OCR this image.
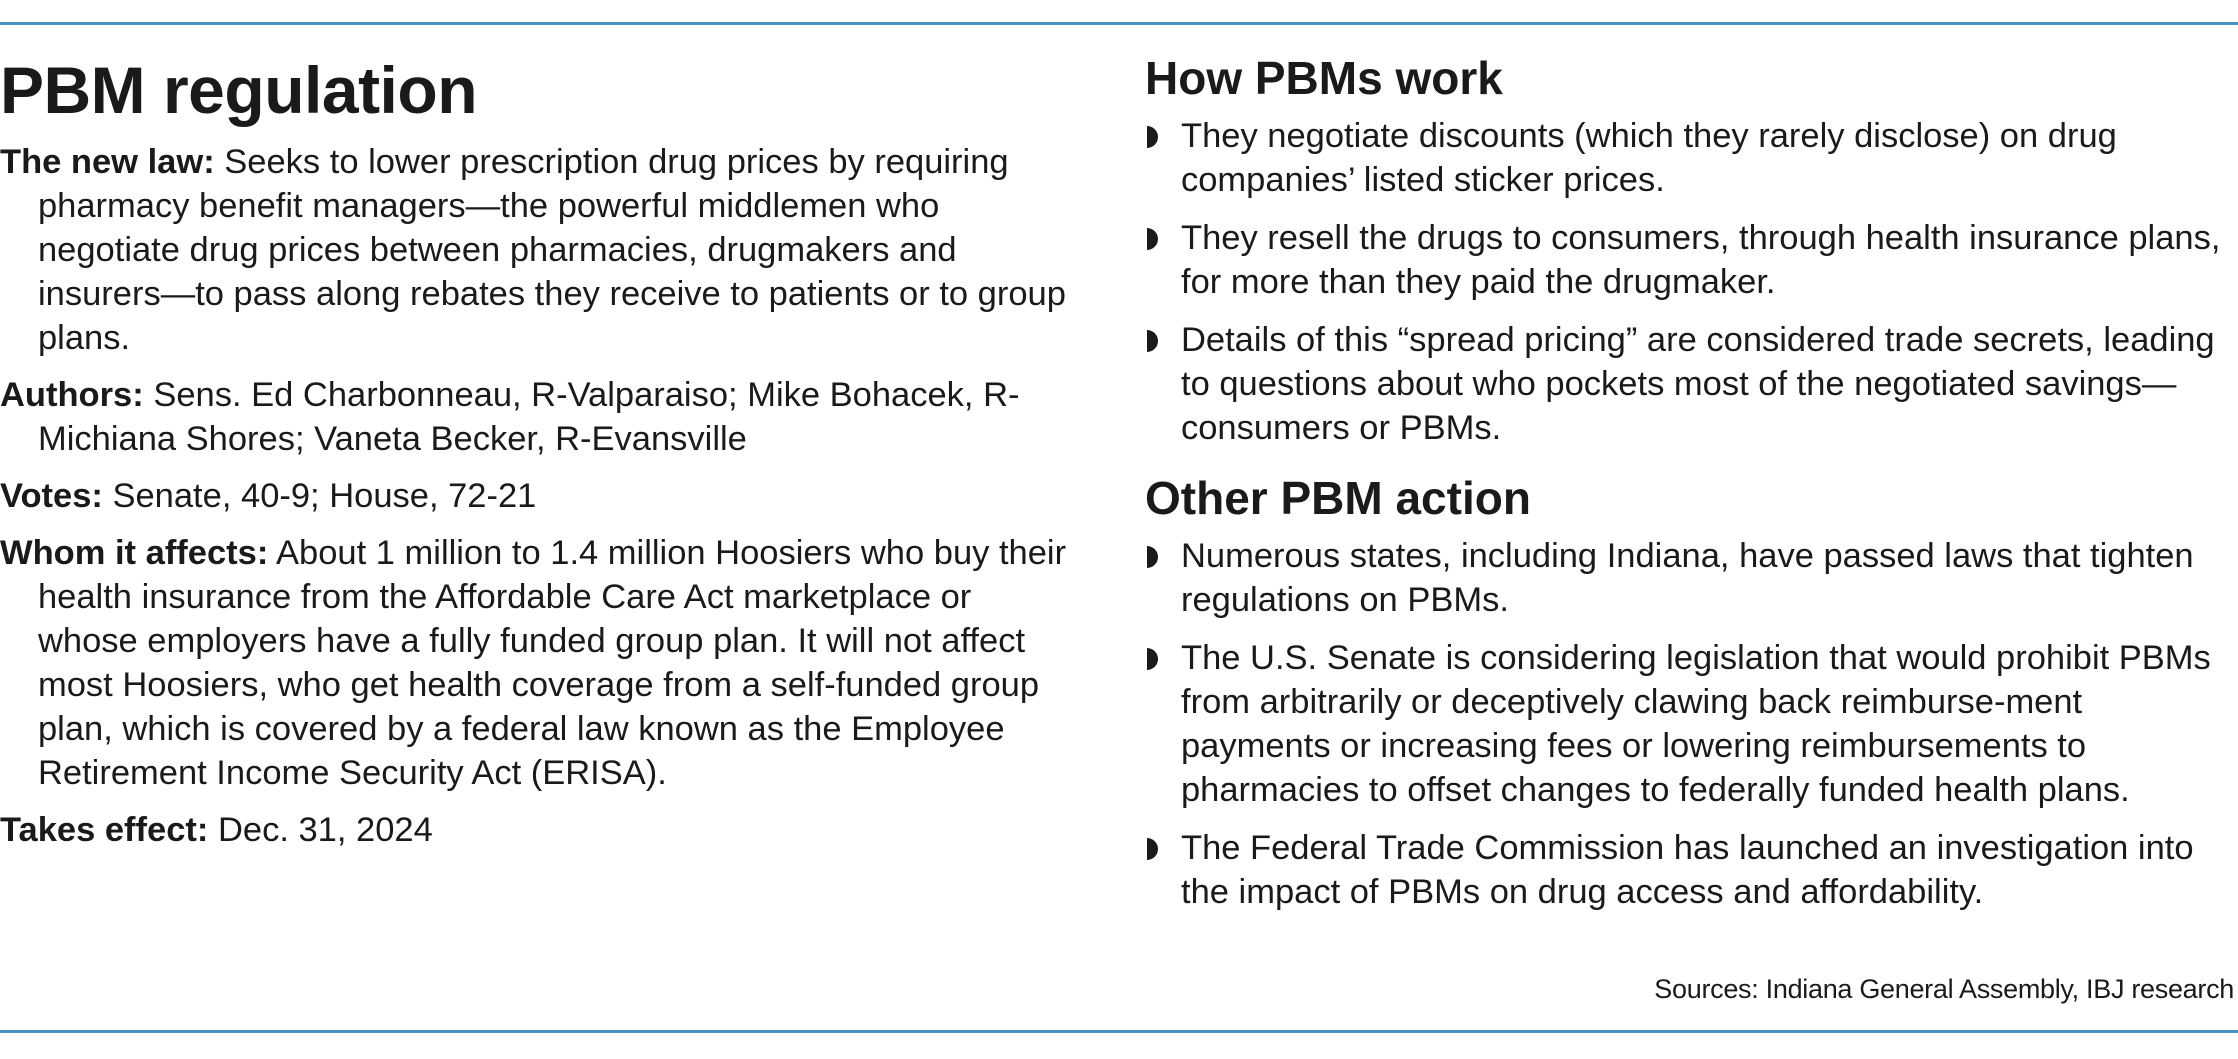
PBM regulation

The new law: Seeks to lower prescription drug prices by requiring pharmacy benefit managers—the powerful middlemen who negotiate drug prices between pharmacies, drugmakers and insurers—to pass along rebates they receive to patients or to group plans.

Authors: Sens. Ed Charbonneau, R-Valparaiso; Mike Bohacek, R-Michiana Shores; Vaneta Becker, R-Evansville

Votes: Senate, 40-9; House, 72-21

Whom it affects: About 1 million to 1.4 million Hoosiers who buy their health insurance from the Affordable Care Act marketplace or whose employers have a fully funded group plan. It will not affect most Hoosiers, who get health coverage from a self-funded group plan, which is covered by a federal law known as the Employee Retirement Income Security Act (ERISA).

Takes effect: Dec. 31, 2024

How PBMs work
They negotiate discounts (which they rarely disclose) on drug companies’ listed sticker prices.
They resell the drugs to consumers, through health insurance plans, for more than they paid the drugmaker.
Details of this “spread pricing” are considered trade secrets, leading to questions about who pockets most of the negotiated savings—consumers or PBMs.
Other PBM action
Numerous states, including Indiana, have passed laws that tighten regulations on PBMs.
The U.S. Senate is considering legislation that would prohibit PBMs from arbitrarily or deceptively clawing back reimburse-ment payments or increasing fees or lowering reimbursements to pharmacies to offset changes to federally funded health plans.
The Federal Trade Commission has launched an investigation into the impact of PBMs on drug access and affordability.
Sources: Indiana General Assembly, IBJ research
